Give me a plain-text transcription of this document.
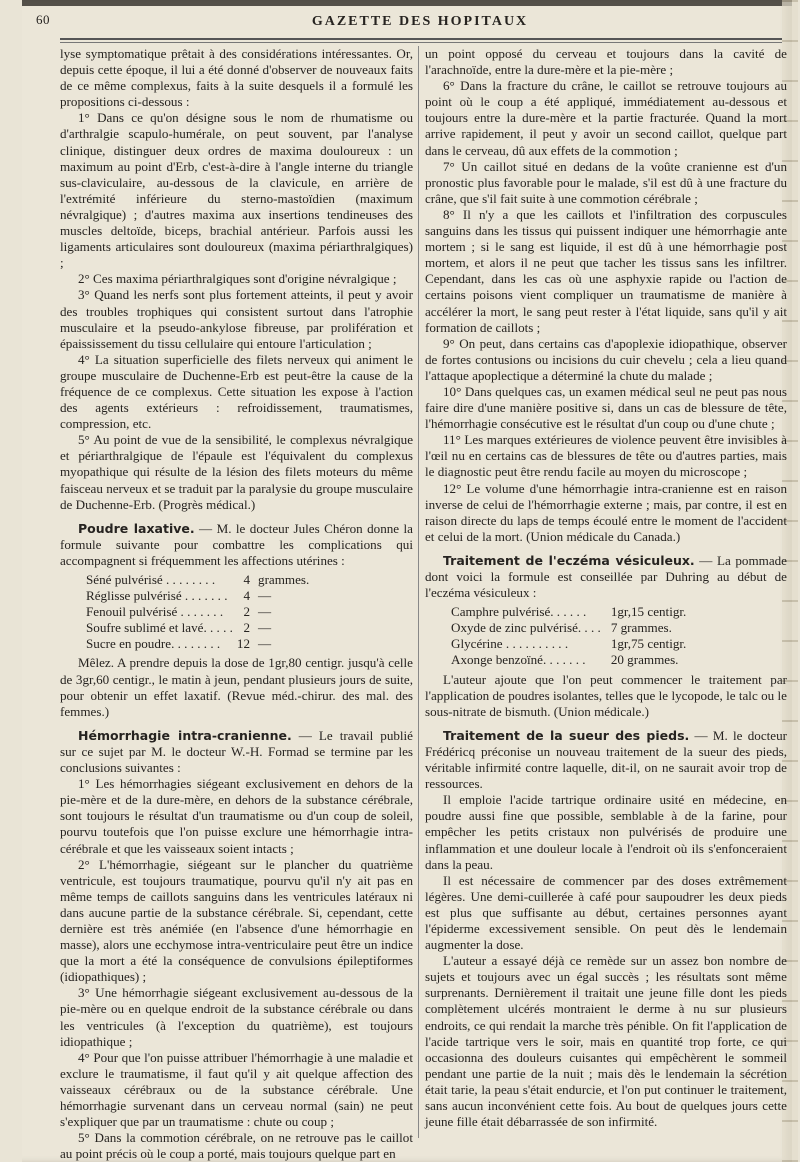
60	GAZETTE DES HOPITAUX

lyse symptomatique prêtait à des considérations intéressantes. Or, depuis cette époque, il lui a été donné d'observer de nouveaux faits de ce même complexus, faits à la suite desquels il a formulé les propositions ci-dessous :

1° Dans ce qu'on désigne sous le nom de rhumatisme ou d'arthralgie scapulo-humérale, on peut souvent, par l'analyse clinique, distinguer deux ordres de maxima douloureux : un maximum au point d'Erb, c'est-à-dire à l'angle interne du triangle sus-claviculaire, au-dessous de la clavicule, en arrière de l'extrémité inférieure du sterno-mastoïdien (maximum névralgique) ; d'autres maxima aux insertions tendineuses des muscles deltoïde, biceps, brachial antérieur. Parfois aussi les ligaments articulaires sont douloureux (maxima périarthralgiques) ;

2° Ces maxima périarthralgiques sont d'origine névralgique ;

3° Quand les nerfs sont plus fortement atteints, il peut y avoir des troubles trophiques qui consistent surtout dans l'atrophie musculaire et la pseudo-ankylose fibreuse, par prolifération et épaississement du tissu cellulaire qui entoure l'articulation ;

4° La situation superficielle des filets nerveux qui animent le groupe musculaire de Duchenne-Erb est peut-être la cause de la fréquence de ce complexus. Cette situation les expose à l'action des agents extérieurs : refroidissement, traumatismes, compression, etc.

5° Au point de vue de la sensibilité, le complexus névralgique et périarthralgique de l'épaule est l'équivalent du complexus myopathique qui résulte de la lésion des filets moteurs du même faisceau nerveux et se traduit par la paralysie du groupe musculaire de Duchenne-Erb. (Progrès médical.)

Poudre laxative. — M. le docteur Jules Chéron donne la formule suivante pour combattre les complications qui accompagnent si fréquemment les affections utérines :

Séné pulvérisé . . . . . . . .	4	grammes.
Réglisse pulvérisé . . . . . . .	4	—
Fenouil pulvérisé . . . . . . .	2	—
Soufre sublimé et lavé. . . . .	2	—
Sucre en poudre. . . . . . . .	12	—

Mêlez. A prendre depuis la dose de 1gr,80 centigr. jusqu'à celle de 3gr,60 centigr., le matin à jeun, pendant plusieurs jours de suite, pour obtenir un effet laxatif. (Revue méd.-chirur. des mal. des femmes.)

Hémorrhagie intra-cranienne. — Le travail publié sur ce sujet par M. le docteur W.-H. Formad se termine par les conclusions suivantes :

1° Les hémorrhagies siégeant exclusivement en dehors de la pie-mère et de la dure-mère, en dehors de la substance cérébrale, sont toujours le résultat d'un traumatisme ou d'un coup de soleil, pourvu toutefois que l'on puisse exclure une hémorrhagie intra-cérébrale et que les vaisseaux soient intacts ;

2° L'hémorrhagie, siégeant sur le plancher du quatrième ventricule, est toujours traumatique, pourvu qu'il n'y ait pas en même temps de caillots sanguins dans les ventricules latéraux ni dans aucune partie de la substance cérébrale. Si, cependant, cette dernière est très anémiée (en l'absence d'une hémorrhagie en masse), alors une ecchymose intra-ventriculaire peut être un indice que la mort a été la conséquence de convulsions épileptiformes (idiopathiques) ;

3° Une hémorrhagie siégeant exclusivement au-dessous de la pie-mère ou en quelque endroit de la substance cérébrale ou dans les ventricules (à l'exception du quatrième), est toujours idiopathique ;

4° Pour que l'on puisse attribuer l'hémorrhagie à une maladie et exclure le traumatisme, il faut qu'il y ait quelque affection des vaisseaux cérébraux ou de la substance cérébrale. Une hémorrhagie survenant dans un cerveau normal (sain) ne peut s'expliquer que par un traumatisme : chute ou coup ;

5° Dans la commotion cérébrale, on ne retrouve pas le caillot au point précis où le coup a porté, mais toujours quelque part en

un point opposé du cerveau et toujours dans la cavité de l'arachnoïde, entre la dure-mère et la pie-mère ;

6° Dans la fracture du crâne, le caillot se retrouve toujours au point où le coup a été appliqué, immédiatement au-dessous et toujours entre la dure-mère et la partie fracturée. Quand la mort arrive rapidement, il peut y avoir un second caillot, quelque part dans le cerveau, dû aux effets de la commotion ;

7° Un caillot situé en dedans de la voûte cranienne est d'un pronostic plus favorable pour le malade, s'il est dû à une fracture du crâne, que s'il fait suite à une commotion cérébrale ;

8° Il n'y a que les caillots et l'infiltration des corpuscules sanguins dans les tissus qui puissent indiquer une hémorrhagie ante mortem ; si le sang est liquide, il est dû à une hémorrhagie post mortem, et alors il ne peut que tacher les tissus sans les infiltrer. Cependant, dans les cas où une asphyxie rapide ou l'action de certains poisons vient compliquer un traumatisme de manière à accélérer la mort, le sang peut rester à l'état liquide, sans qu'il y ait formation de caillots ;

9° On peut, dans certains cas d'apoplexie idiopathique, observer de fortes contusions ou incisions du cuir chevelu ; cela a lieu quand l'attaque apoplectique a déterminé la chute du malade ;

10° Dans quelques cas, un examen médical seul ne peut pas nous faire dire d'une manière positive si, dans un cas de blessure de tête, l'hémorrhagie consécutive est le résultat d'un coup ou d'une chute ;

11° Les marques extérieures de violence peuvent être invisibles à l'œil nu en certains cas de blessures de tête ou d'autres parties, mais le diagnostic peut être rendu facile au moyen du microscope ;

12° Le volume d'une hémorrhagie intra-cranienne est en raison inverse de celui de l'hémorrhagie externe ; mais, par contre, il est en raison directe du laps de temps écoulé entre le moment de l'accident et celui de la mort. (Union médicale du Canada.)

Traitement de l'eczéma vésiculeux. — La pommade dont voici la formule est conseillée par Duhring au début de l'eczéma vésiculeux :

Camphre pulvérisé. . . . . .	1gr,15 centigr.
Oxyde de zinc pulvérisé. . . .	7 grammes.
Glycérine . . . . . . . . . .	1gr,75 centigr.
Axonge benzoïné. . . . . . .	20 grammes.

L'auteur ajoute que l'on peut commencer le traitement par l'application de poudres isolantes, telles que le lycopode, le talc ou le sous-nitrate de bismuth. (Union médicale.)

Traitement de la sueur des pieds. — M. le docteur Frédéricq préconise un nouveau traitement de la sueur des pieds, véritable infirmité contre laquelle, dit-il, on ne saurait avoir trop de ressources.

Il emploie l'acide tartrique ordinaire usité en médecine, en poudre aussi fine que possible, semblable à de la farine, pour empêcher les petits cristaux non pulvérisés de produire une inflammation et une douleur locale à l'endroit où ils s'enfonceraient dans la peau.

Il est nécessaire de commencer par des doses extrêmement légères. Une demi-cuillerée à café pour saupoudrer les deux pieds est plus que suffisante au début, certaines personnes ayant l'épiderme excessivement sensible. On peut dès le lendemain augmenter la dose.

L'auteur a essayé déjà ce remède sur un assez bon nombre de sujets et toujours avec un égal succès ; les résultats sont même surprenants. Dernièrement il traitait une jeune fille dont les pieds complètement ulcérés montraient le derme à nu sur plusieurs endroits, ce qui rendait la marche très pénible. On fit l'application de l'acide tartrique vers le soir, mais en quantité trop forte, ce qui occasionna des douleurs cuisantes qui empêchèrent le sommeil pendant une partie de la nuit ; mais dès le lendemain la sécrétion était tarie, la peau s'était endurcie, et l'on put continuer le traitement, sans aucun inconvénient cette fois. Au bout de quelques jours cette jeune fille était débarrassée de son infirmité.
